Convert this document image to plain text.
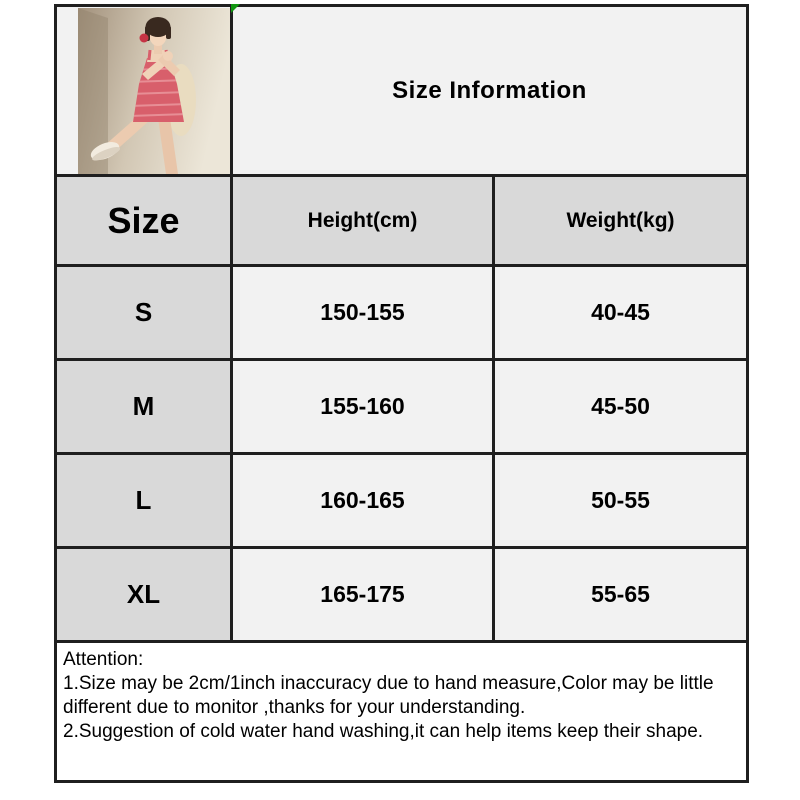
	Size Information	
Size	Height(cm)	Weight(kg)
S	150-155	40-45
M	155-160	45-50
L	160-165	50-55
XL	165-175	55-65

Attention:
1.Size may be 2cm/1inch inaccuracy due to hand measure,Color may be little
different due to monitor ,thanks for your understanding.
2.Suggestion of cold water hand washing,it can help items keep their shape.		
